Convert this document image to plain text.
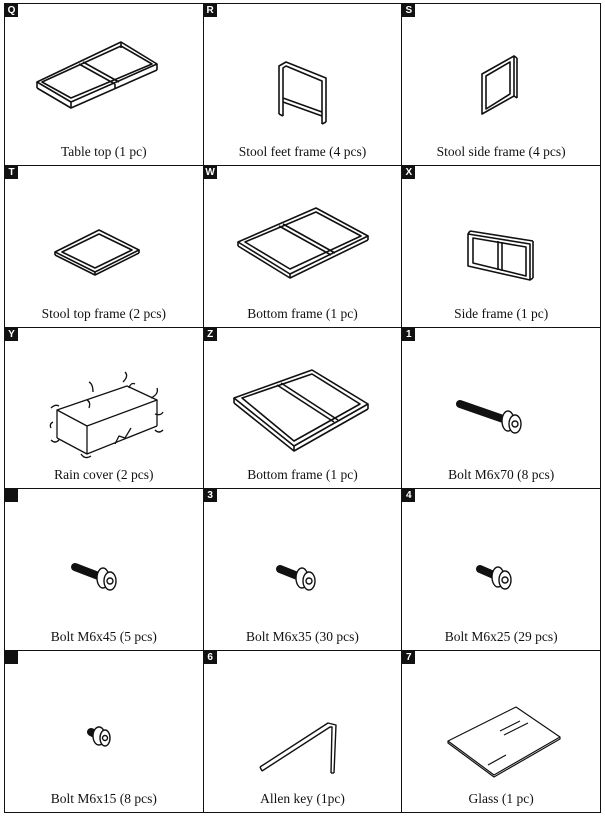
Q
Table top (1 pc)
R
Stool feet frame (4 pcs)
S
Stool side frame (4 pcs)
T
Stool top frame (2 pcs)
W
Bottom frame (1 pc)
X
Side frame (1 pc)
Y
Rain cover (2 pcs)
Z
Bottom frame (1 pc)
1
Bolt M6x70 (8 pcs)
Bolt M6x45 (5 pcs)
3
Bolt M6x35 (30 pcs)
4
Bolt M6x25 (29 pcs)
Bolt M6x15 (8 pcs)
6
Allen key (1pc)
7
Glass (1 pc)
